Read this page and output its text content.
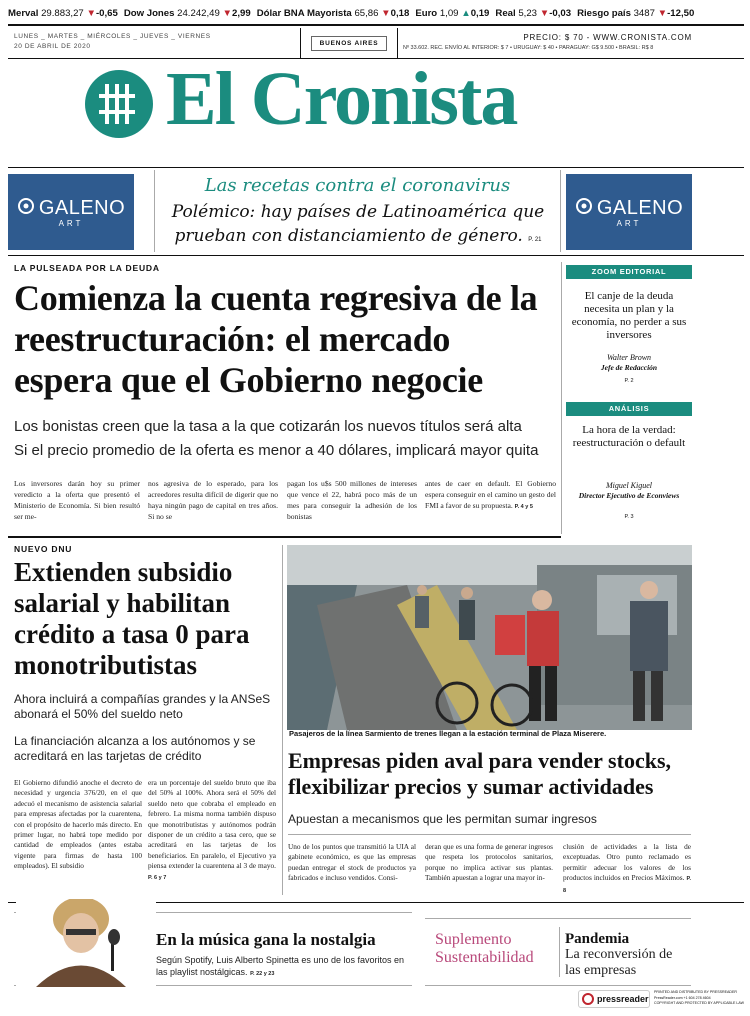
Merval 29.883,27 ▼-0,65 Dow Jones 24.242,49 ▼2,99 Dólar BNA Mayorista 65,86 ▼0,18 Euro 1,09 ▲0,19 Real 5,23 ▼-0,03 Riesgo país 3487 ▼-12,50
LUNES _ MARTES _ MIÉRCOLES _ JUEVES _ VIERNES
20 DE ABRIL DE 2020	BUENOS AIRES
PRECIO: $ 70 - WWW.CRONISTA.COM
Nº 33.602. REC. ENVÍO AL INTERIOR: $ 7 • URUGUAY: $ 40 • PARAGUAY: G$ 9.500 • BRASIL: R$ 8
El Cronista
GALENO
ART
GALENO
ART
Las recetas contra el coronavirus
Polémico: hay países de Latinoamérica que prueban con distanciamiento de género. P. 21
LA PULSEADA POR LA DEUDA
Comienza la cuenta regresiva de la reestructuración: el mercado espera que el Gobierno negocie
Los bonistas creen que la tasa a la que cotizarán los nuevos títulos será alta
Si el precio promedio de la oferta es menor a 40 dólares, implicará mayor quita
Los inversores darán hoy su primer veredicto a la oferta que presentó el Ministerio de Economía. Si bien resultó ser me-
nos agresiva de lo esperado, para los acreedores resulta difícil de digerir que no haya ningún pago de capital en tres años. Si no se
pagan los u$s 500 millones de intereses que vence el 22, habrá poco más de un mes para conseguir la adhesión de los bonistas
antes de caer en default. El Gobierno espera conseguir en el camino un gesto del FMI a favor de su propuesta. P. 4 y 5
ZOOM EDITORIAL
El canje de la deuda necesita un plan y la economía, no perder a sus inversores
Walter Brown
Jefe de Redacción
P. 2
ANÁLISIS
La hora de la verdad: reestructuración o default
Miguel Kiguel
Director Ejecutivo de Econviews
P. 3
NUEVO DNU
Extienden subsidio salarial y habilitan crédito a tasa 0 para monotributistas
Ahora incluirá a compañías grandes y la ANSeS abonará el 50% del sueldo neto
La financiación alcanza a los autónomos y se acreditará en las tarjetas de crédito
El Gobierno difundió anoche el decreto de necesidad y urgencia 376/20, en el que adecuó el mecanismo de asistencia salarial para empresas afectadas por la cuarentena, con el propósito de hacerlo más directo. En primer lugar, no habrá tope medido por cantidad de empleados (antes estaba vigente para firmas de hasta 100 empleados). El subsidio
era un porcentaje del sueldo bruto que iba del 50% al 100%. Ahora será el 50% del sueldo neto que cobraba el empleado en febrero. La misma norma también dispuso que monotributistas y autónomos podrán disponer de un crédito a tasa cero, que se acreditará en las tarjetas de los beneficiarios. En paralelo, el Ejecutivo ya piensa extender la cuarentena al 3 de mayo. P. 6 y 7
Pasajeros de la línea Sarmiento de trenes llegan a la estación terminal de Plaza Miserere.
Empresas piden aval para vender stocks, flexibilizar precios y sumar actividades
Apuestan a mecanismos que les permitan sumar ingresos
Uno de los puntos que transmitió la UIA al gabinete económico, es que las empresas puedan entregar el stock de productos ya fabricados e incluso vendidos. Consi-
deran que es una forma de generar ingresos que respeta los protocolos sanitarios, porque no implica activar sus plantas. También apuestan a lograr una mayor in-
clusión de actividades a la lista de exceptuadas. Otro punto reclamado es permitir adecuar los valores de los productos incluidos en Precios Máximos. P. 8
En la música gana la nostalgia
Según Spotify, Luis Alberto Spinetta es uno de los favoritos en las playlist nostálgicas. P. 22 y 23
Suplemento
Sustentabilidad
Pandemia
La reconversión de las empresas
pressreader
PRINTED AND DISTRIBUTED BY PRESSREADER
PressReader.com +1 604 278 4604
COPYRIGHT AND PROTECTED BY APPLICABLE LAW
